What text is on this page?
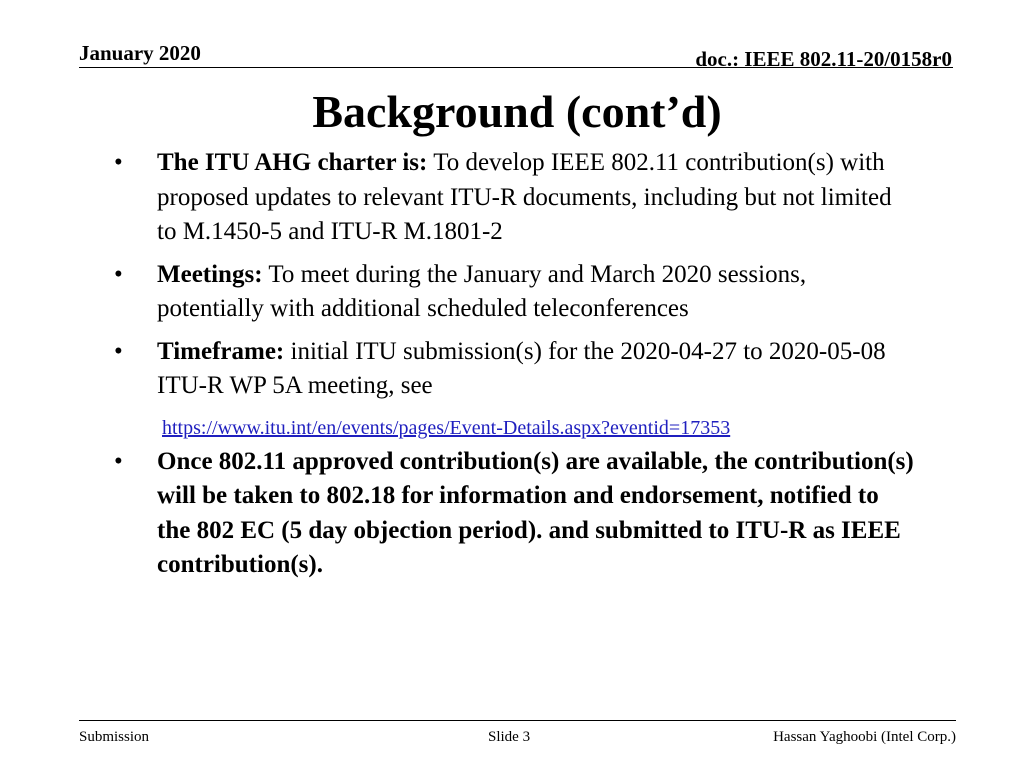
January 2020	doc.: IEEE 802.11-20/0158r0
Background (cont’d)
•	The ITU AHG charter is: To develop IEEE 802.11 contribution(s) with proposed updates to relevant ITU-R documents, including but not limited to M.1450-5 and ITU-R M.1801-2
•	Meetings: To meet during the January and March 2020 sessions, potentially with additional scheduled teleconferences
•	Timeframe: initial ITU submission(s) for the 2020-04-27 to 2020-05-08 ITU-R WP 5A meeting, see
https://www.itu.int/en/events/pages/Event-Details.aspx?eventid=17353
•	Once 802.11 approved contribution(s) are available, the contribution(s) will be taken to 802.18 for information and endorsement, notified to the 802 EC (5 day objection period). and submitted to ITU-R as IEEE contribution(s).
Submission	Slide 3	Hassan Yaghoobi (Intel Corp.)
